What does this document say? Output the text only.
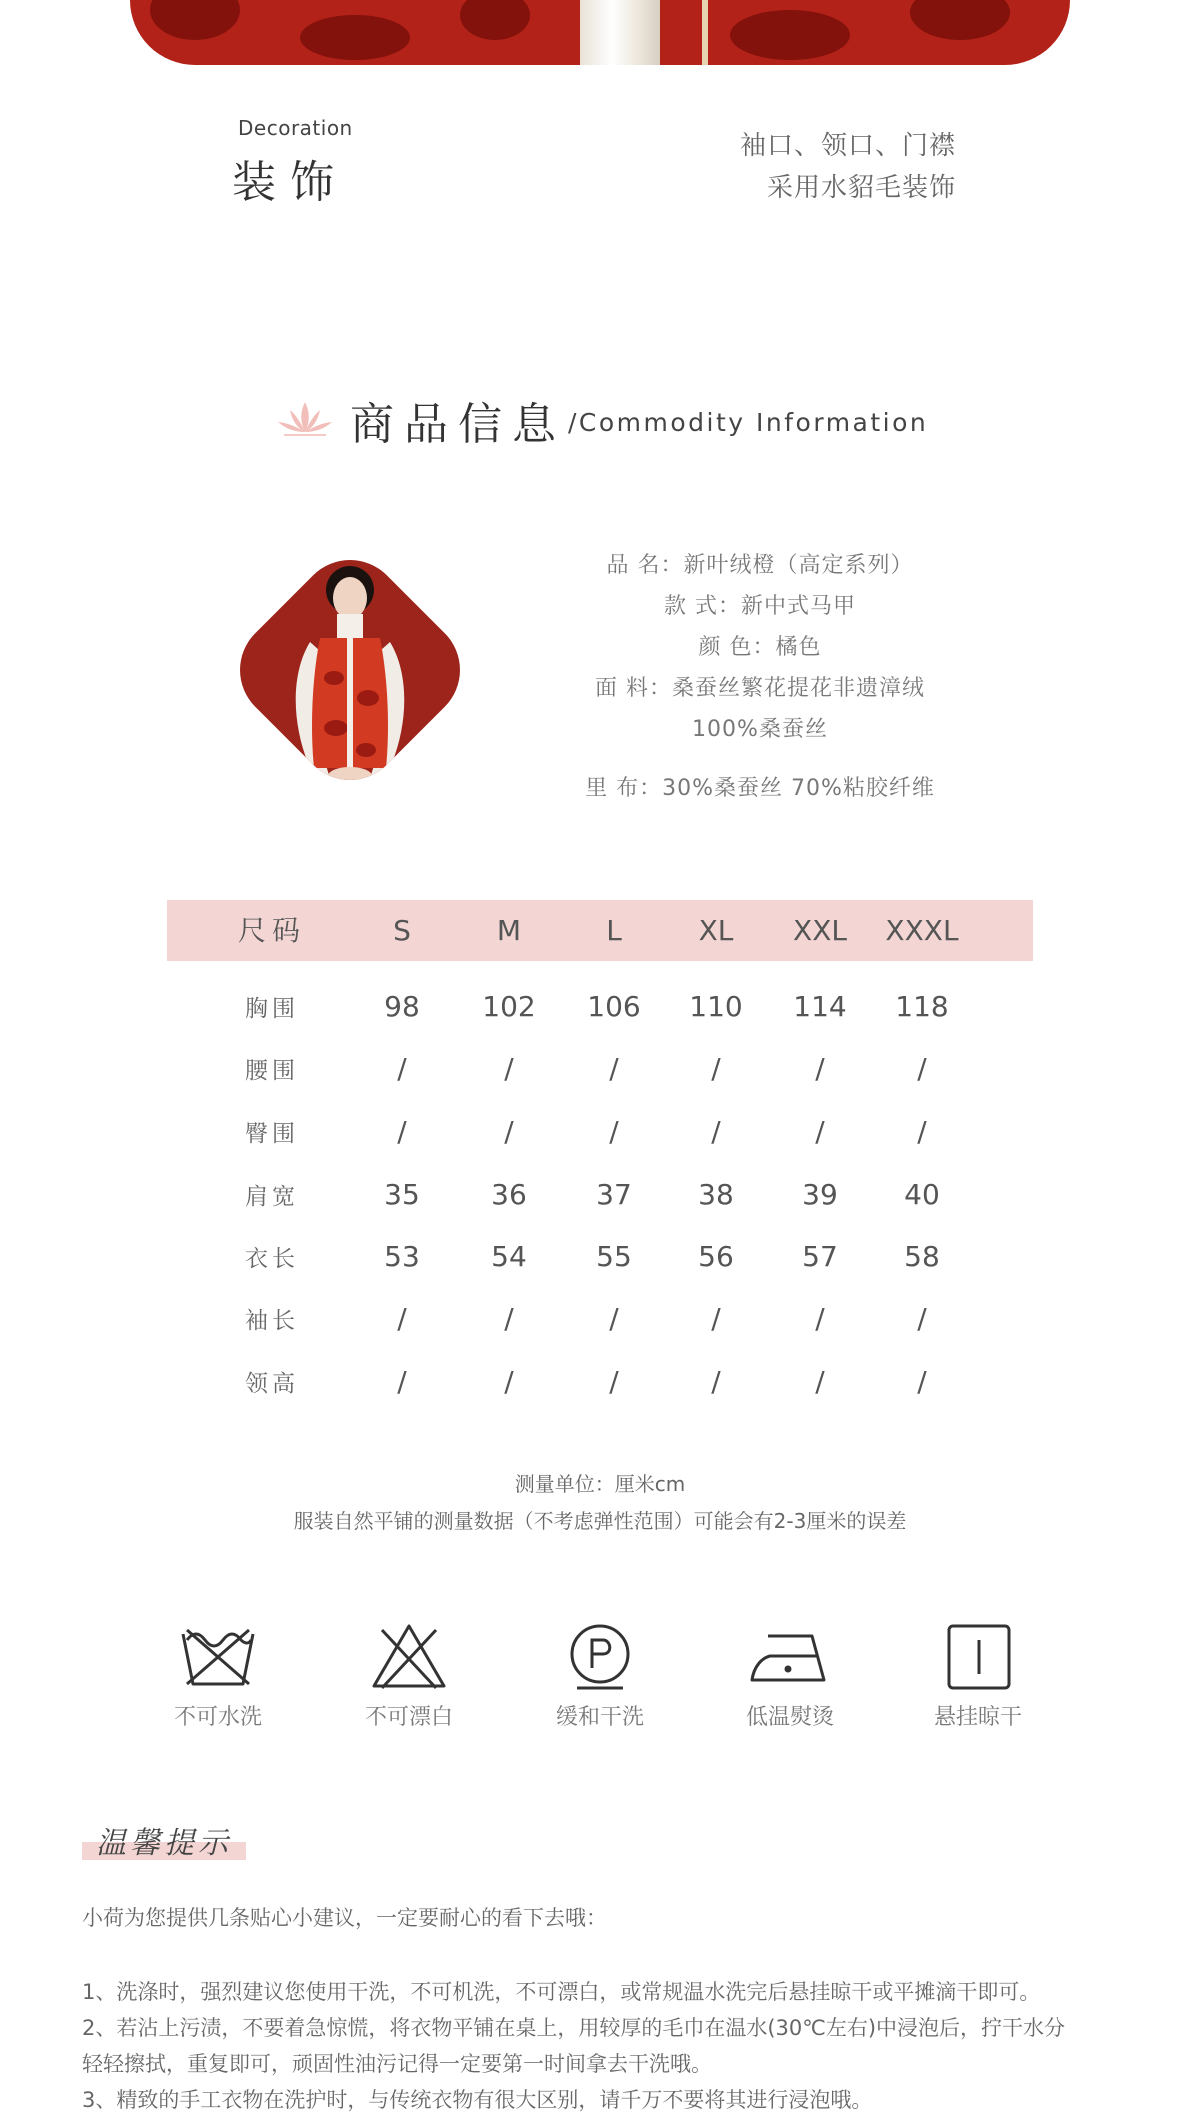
Decoration
装饰
袖口、领口、门襟
采用水貂毛装饰
商品信息 /Commodity Information
品 名：新叶绒橙（高定系列）
款 式：新中式马甲
颜 色：橘色
面 料：桑蚕丝繁花提花非遗漳绒
100%桑蚕丝
里 布：30%桑蚕丝 70%粘胶纤维
尺码	S	M	L	XL	XXL	XXXL
胸围	98	102	106	110	114	118
腰围	/	/	/	/	/	/
臀围	/	/	/	/	/	/
肩宽	35	36	37	38	39	40
衣长	53	54	55	56	57	58
袖长	/	/	/	/	/	/
领高	/	/	/	/	/	/
测量单位：厘米cm
服装自然平铺的测量数据（不考虑弹性范围）可能会有2-3厘米的误差
不可水洗	不可漂白	缓和干洗	低温熨烫	悬挂晾干
温馨提示
小荷为您提供几条贴心小建议，一定要耐心的看下去哦：
1、洗涤时，强烈建议您使用干洗，不可机洗，不可漂白，或常规温水洗完后悬挂晾干或平摊滴干即可。
2、若沾上污渍，不要着急惊慌，将衣物平铺在桌上，用较厚的毛巾在温水(30℃左右)中浸泡后，拧干水分
轻轻擦拭，重复即可，顽固性油污记得一定要第一时间拿去干洗哦。
3、精致的手工衣物在洗护时，与传统衣物有很大区别，请千万不要将其进行浸泡哦。
